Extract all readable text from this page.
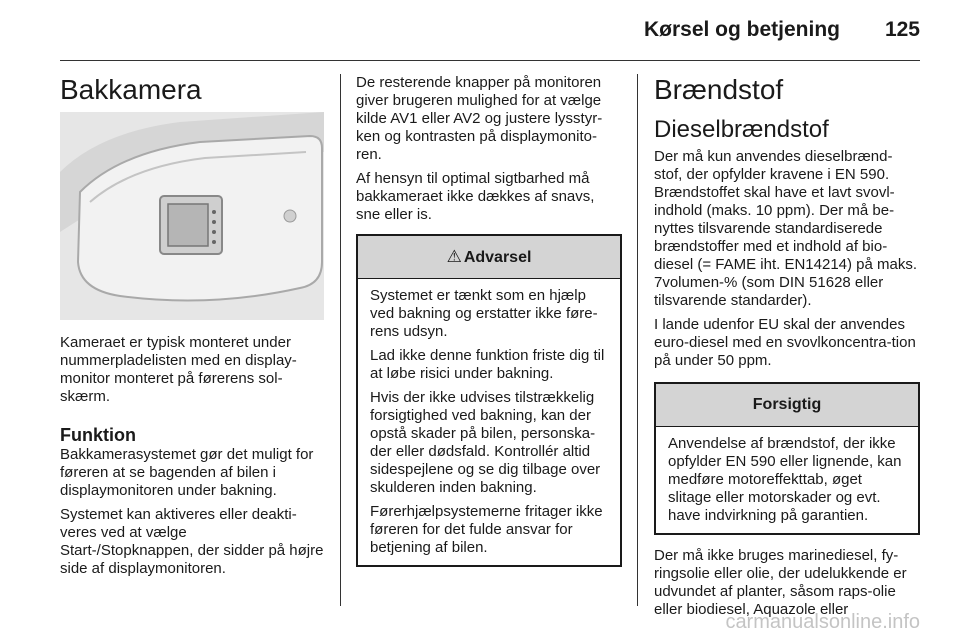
Kørsel og betjening 125
Bakkamera

Kameraet er typisk monteret under nummerpladelisten med en display-monitor monteret på førerens sol-skærm.

Funktion

Bakkamerasystemet gør det muligt for føreren at se bagenden af bilen i displaymonitoren under bakning.

Systemet kan aktiveres eller deakti-veres ved at vælge Start-/Stopknappen, der sidder på højre side af displaymonitoren.

De resterende knapper på monitoren giver brugeren mulighed for at vælge kilde AV1 eller AV2 og justere lysstyr-ken og kontrasten på displaymonito-ren.

Af hensyn til optimal sigtbarhed må bakkameraet ikke dækkes af snavs, sne eller is.

⚠ Advarsel

Systemet er tænkt som en hjælp ved bakning og erstatter ikke føre-rens udsyn.

Lad ikke denne funktion friste dig til at løbe risici under bakning.

Hvis der ikke udvises tilstrækkelig forsigtighed ved bakning, kan der opstå skader på bilen, personska-der eller dødsfald. Kontrollér altid sidespejlene og se dig tilbage over skulderen inden bakning.

Førerhjælpsystemerne fritager ikke føreren for det fulde ansvar for betjening af bilen.

Brændstof
Dieselbrændstof

Der må kun anvendes dieselbrænd-stof, der opfylder kravene i EN 590. Brændstoffet skal have et lavt svovl-indhold (maks. 10 ppm). Der må be-nyttes tilsvarende standardiserede brændstoffer med et indhold af bio-diesel (= FAME iht. EN14214) på maks. 7volumen-% (som DIN 51628 eller tilsvarende standarder).

I lande udenfor EU skal der anvendes euro-diesel med en svovlkoncentra-tion på under 50 ppm.

Forsigtig

Anvendelse af brændstof, der ikke opfylder EN 590 eller lignende, kan medføre motoreffekttab, øget slitage eller motorskader og evt. have indvirkning på garantien.

Der må ikke bruges marinediesel, fy-ringsolie eller olie, der udelukkende er udvundet af planter, såsom raps-olie eller biodiesel, Aquazole eller

carmanualsonline.info
